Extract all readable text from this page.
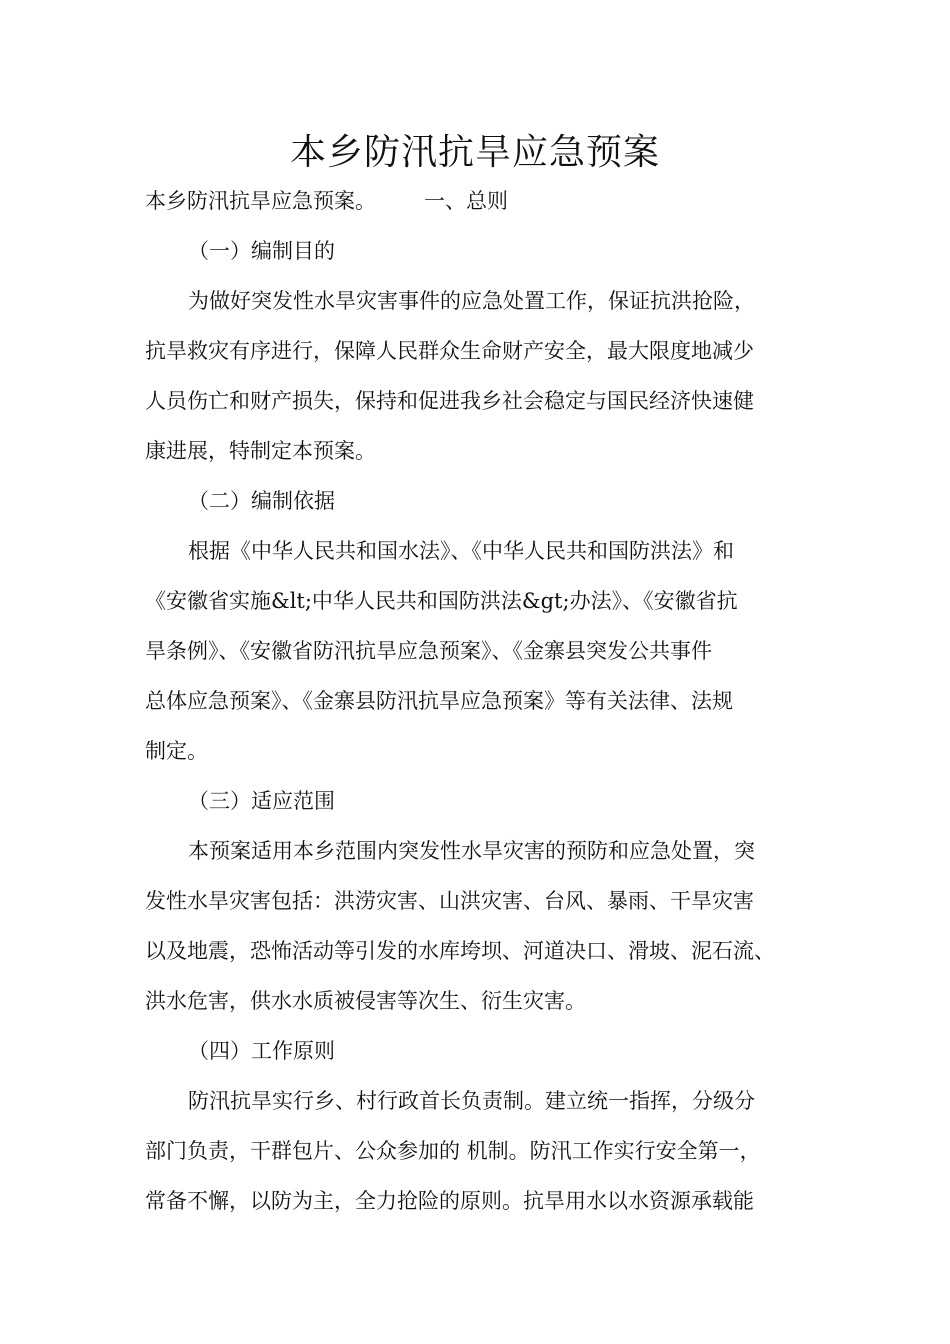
本乡防汛抗旱应急预案
本乡防汛抗旱应急预案。 一、总则
（一）编制目的
为做好突发性水旱灾害事件的应急处置工作，保证抗洪抢险，
抗旱救灾有序进行，保障人民群众生命财产安全，最大限度地减少
人员伤亡和财产损失，保持和促进我乡社会稳定与国民经济快速健
康进展，特制定本预案。
（二）编制依据
根据《中华人民共和国水法》、《中华人民共和国防洪法》和
《安徽省实施&lt;中华人民共和国防洪法&gt;办法》、《安徽省抗
旱条例》、《安徽省防汛抗旱应急预案》、《金寨县突发公共事件
总体应急预案》、《金寨县防汛抗旱应急预案》等有关法律、法规
制定。
（三）适应范围
本预案适用本乡范围内突发性水旱灾害的预防和应急处置，突
发性水旱灾害包括：洪涝灾害、山洪灾害、台风、暴雨、干旱灾害
以及地震，恐怖活动等引发的水库垮坝、河道决口、滑坡、泥石流、
洪水危害，供水水质被侵害等次生、衍生灾害。
（四）工作原则
防汛抗旱实行乡、村行政首长负责制。建立统一指挥，分级分
部门负责，干群包片、公众参加的 机制。防汛工作实行安全第一，
常备不懈，以防为主，全力抢险的原则。抗旱用水以水资源承载能
